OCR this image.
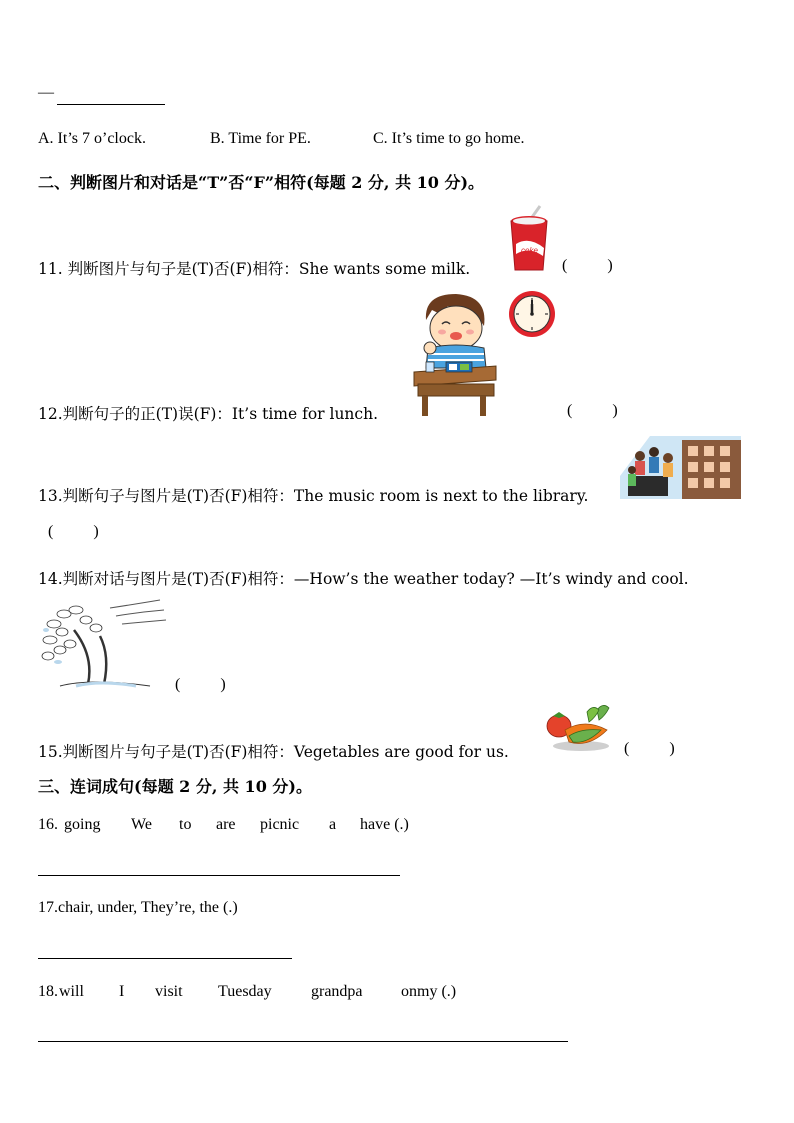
—
A. It’s 7 o’clock.	B. Time for PE.	C. It’s time to go home.
二、判断图片和对话是“T”否“F”相符(每题 2 分, 共 10 分)。
11. 判断图片与句子是(T)否(F)相符：She wants some milk.
coke
(          )
12.判断句子的正(T)误(F)：It’s time for lunch.	(          )
13.判断句子与图片是(T)否(F)相符：The music room is next to the library.
(          )
14.判断对话与图片是(T)否(F)相符：—How’s the weather today? —It’s windy and cool.
(          )
15.判断图片与句子是(T)否(F)相符：Vegetables are good for us.	(          )
三、连词成句(每题 2 分, 共 10 分)。
16. going We to are picnic a have (.)
17.chair, under, They’re, the (.)
18. will I visit Tuesday grandpa onmy (.)
